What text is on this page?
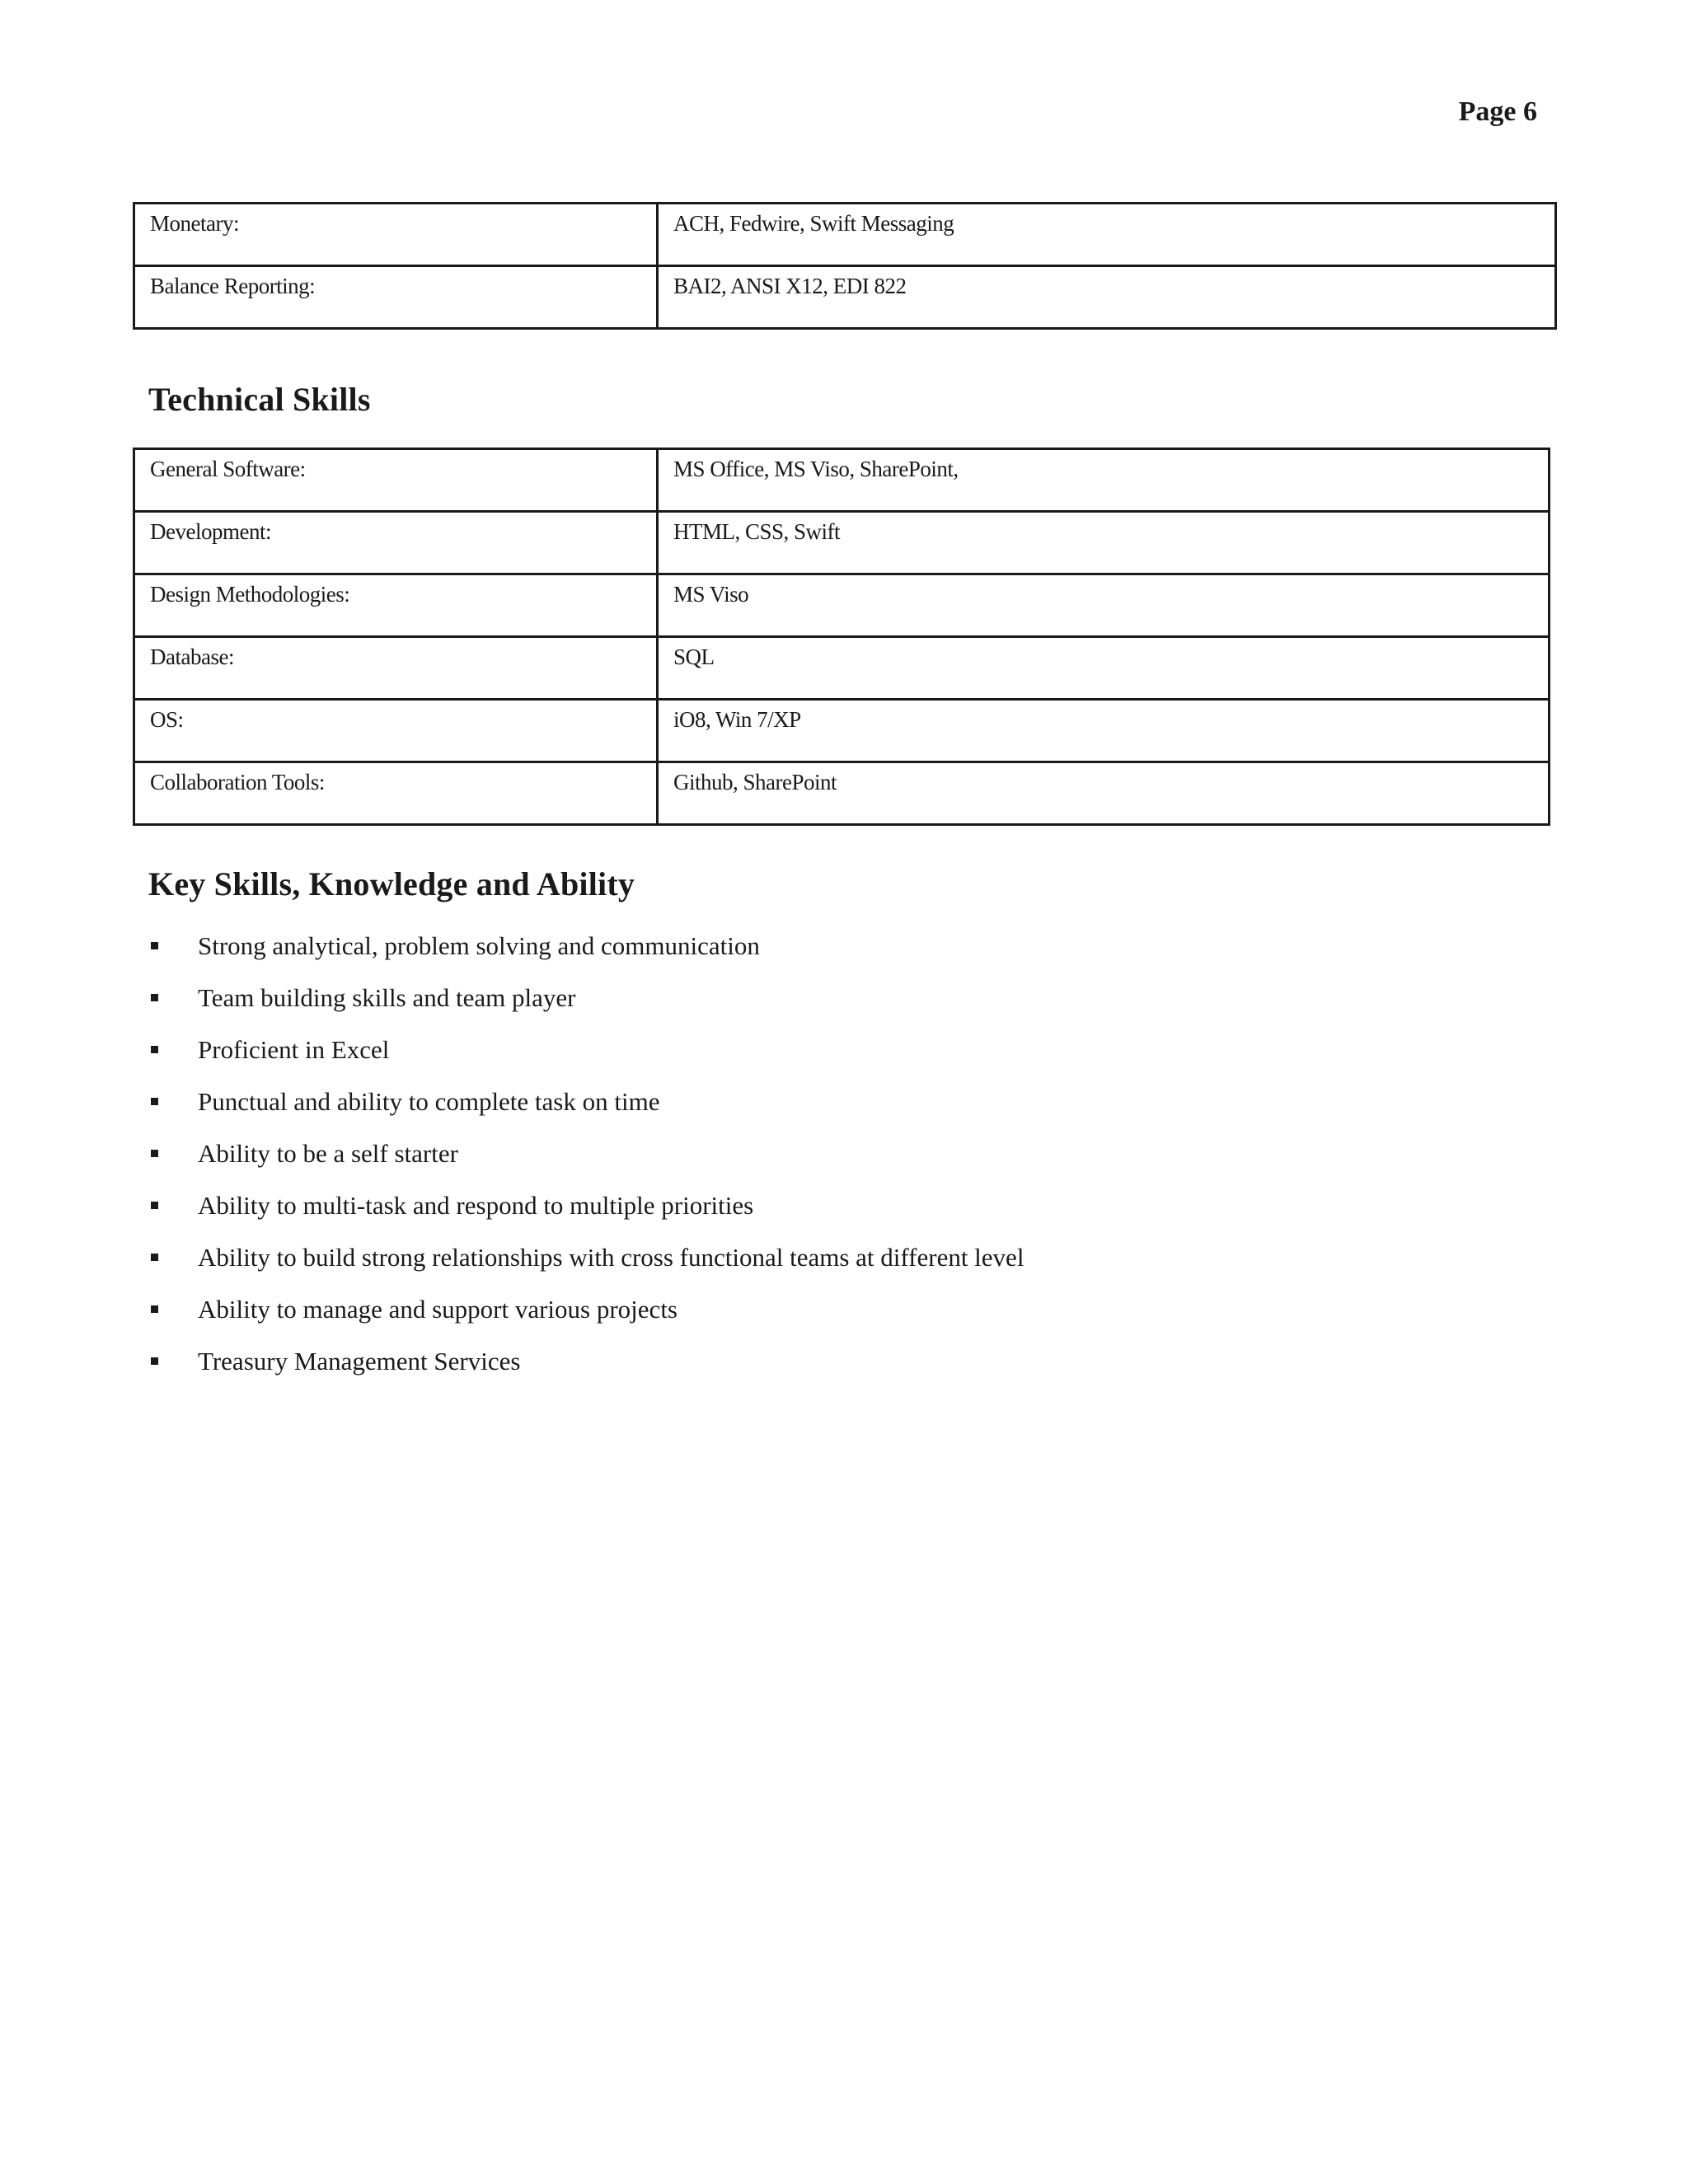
Page 6

Monetary:	ACH, Fedwire, Swift Messaging
Balance Reporting:	BAI2, ANSI X12, EDI 822
Technical Skills
General Software:	MS Office, MS Viso, SharePoint,
Development:	HTML, CSS, Swift
Design Methodologies:	MS Viso
Database:	SQL
OS:	iO8, Win 7/XP
Collaboration Tools:	Github, SharePoint
Key Skills, Knowledge and Ability
Strong analytical, problem solving and communication
Team building skills and team player
Proficient in Excel
Punctual and ability to complete task on time
Ability to be a self starter
Ability to multi-task and respond to multiple priorities
Ability to build strong relationships with cross functional teams at different level
Ability to manage and support various projects
Treasury Management Services
